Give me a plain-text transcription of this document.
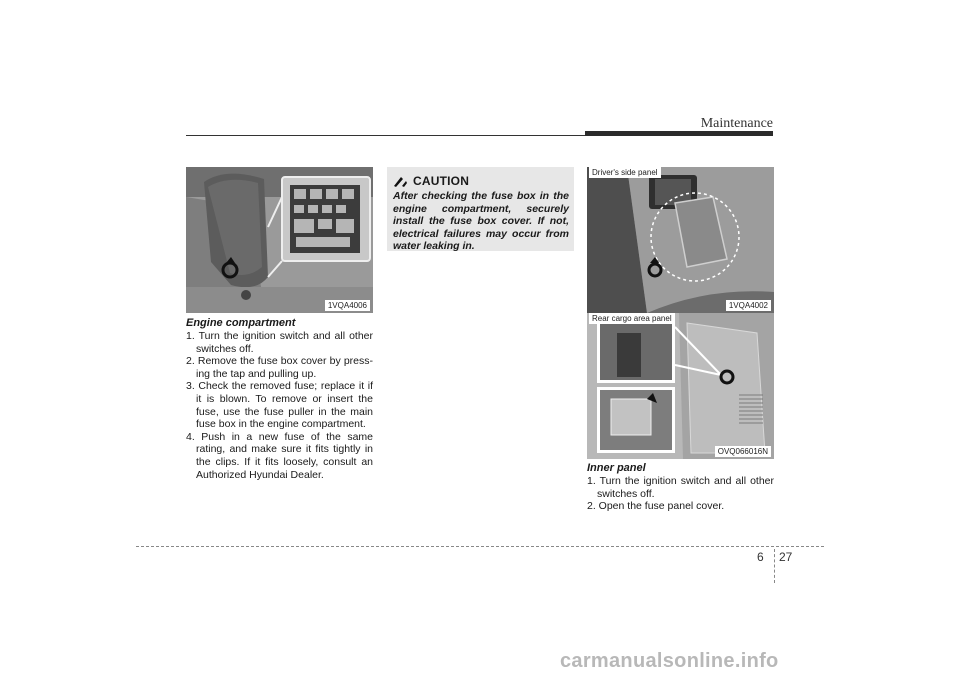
Maintenance
1VQA4006
Engine compartment
1. Turn the ignition switch and all other switches off.
2. Remove the fuse box cover by press-ing the tap and pulling up.
3. Check the removed fuse; replace it if it is blown. To remove or insert the fuse, use the fuse puller in the main fuse box in the engine compartment.
4. Push in a new fuse of the same rating, and make sure it fits tightly in the clips. If it fits loosely, consult an Authorized Hyundai Dealer.
CAUTION
After checking the fuse box in the engine compartment, securely install the fuse box cover. If not, electrical failures may occur from water leaking in.
Driver's side panel
1VQA4002
Rear cargo area panel
OVQ066016N
Inner panel
1. Turn the ignition switch and all other switches off.
2. Open the fuse panel cover.
6 27
carmanualsonline.info
